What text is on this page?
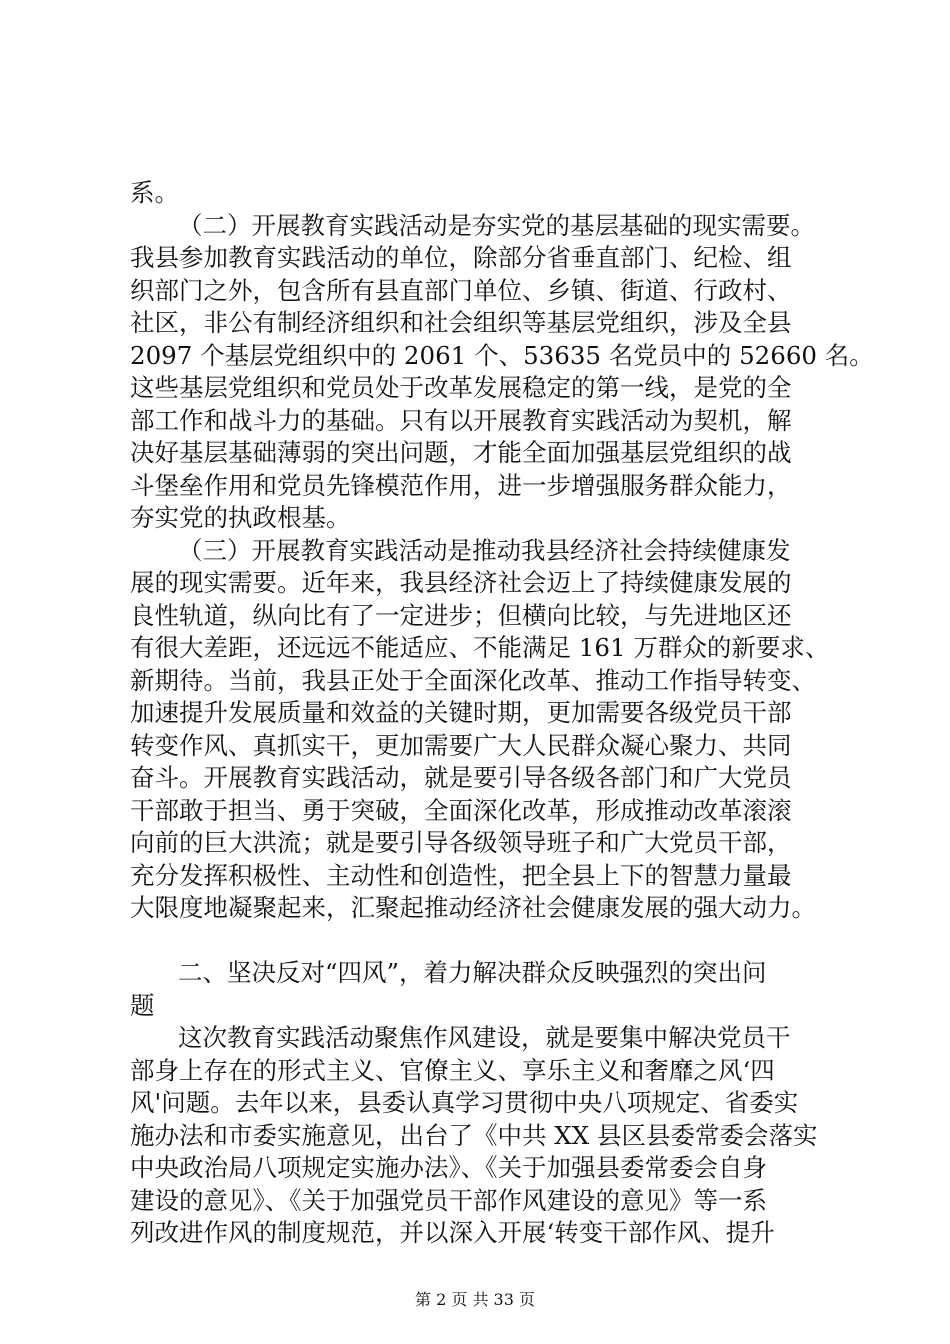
系。
（二）开展教育实践活动是夯实党的基层基础的现实需要。
我县参加教育实践活动的单位，除部分省垂直部门、纪检、组
织部门之外，包含所有县直部门单位、乡镇、街道、行政村、
社区，非公有制经济组织和社会组织等基层党组织，涉及全县
2097 个基层党组织中的 2061 个、53635 名党员中的 52660 名。
这些基层党组织和党员处于改革发展稳定的第一线，是党的全
部工作和战斗力的基础。只有以开展教育实践活动为契机，解
决好基层基础薄弱的突出问题，才能全面加强基层党组织的战
斗堡垒作用和党员先锋模范作用，进一步增强服务群众能力，
夯实党的执政根基。
（三）开展教育实践活动是推动我县经济社会持续健康发
展的现实需要。近年来，我县经济社会迈上了持续健康发展的
良性轨道，纵向比有了一定进步；但横向比较，与先进地区还
有很大差距，还远远不能适应、不能满足 161 万群众的新要求、
新期待。当前，我县正处于全面深化改革、推动工作指导转变、
加速提升发展质量和效益的关键时期，更加需要各级党员干部
转变作风、真抓实干，更加需要广大人民群众凝心聚力、共同
奋斗。开展教育实践活动，就是要引导各级各部门和广大党员
干部敢于担当、勇于突破，全面深化改革，形成推动改革滚滚
向前的巨大洪流；就是要引导各级领导班子和广大党员干部，
充分发挥积极性、主动性和创造性，把全县上下的智慧力量最
大限度地凝聚起来，汇聚起推动经济社会健康发展的强大动力。
二、坚决反对“四风”，着力解决群众反映强烈的突出问
题
这次教育实践活动聚焦作风建设，就是要集中解决党员干
部身上存在的形式主义、官僚主义、享乐主义和奢靡之风‘四
风'问题。去年以来，县委认真学习贯彻中央八项规定、省委实
施办法和市委实施意见，出台了《中共 XX 县区县委常委会落实
中央政治局八项规定实施办法》、《关于加强县委常委会自身
建设的意见》、《关于加强党员干部作风建设的意见》等一系
第 2 页 共 33 页
列改进作风的制度规范，并以深入开展‘转变干部作风、提升
